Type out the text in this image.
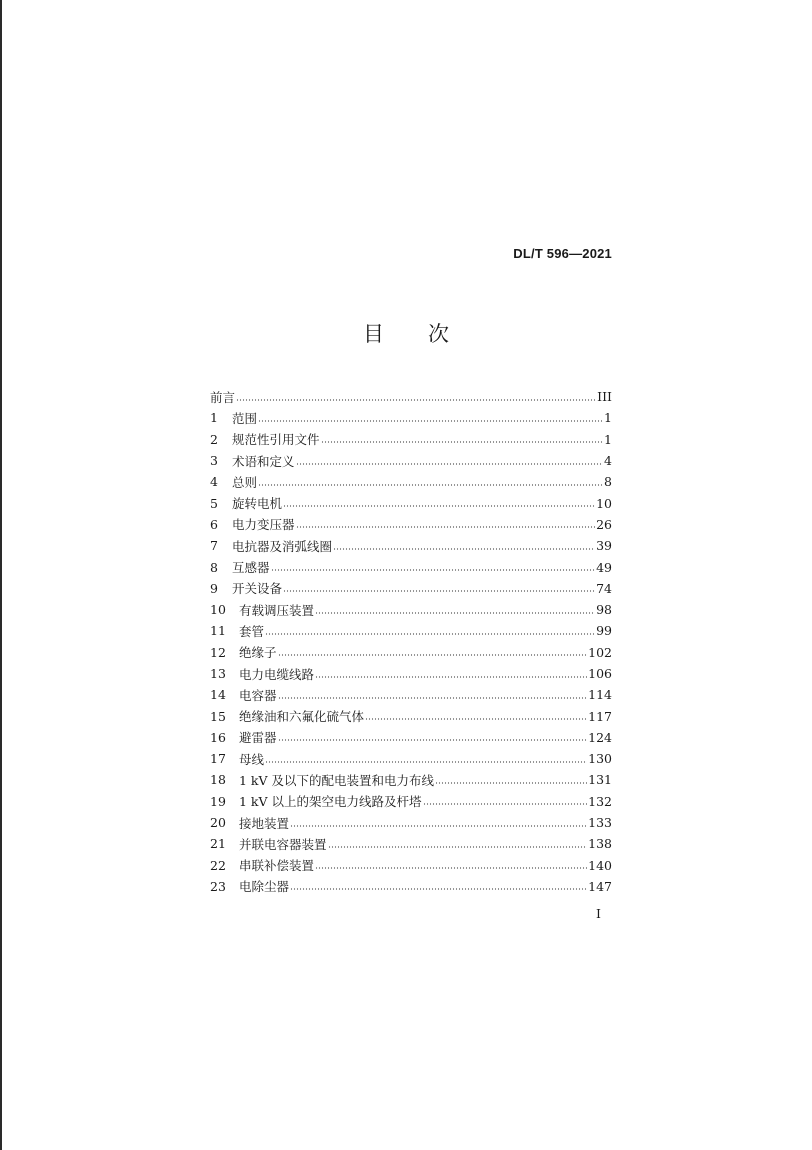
DL/T 596—2021
目 次
前言	III
1	范围	1
2	规范性引用文件	1
3	术语和定义	4
4	总则	8
5	旋转电机	10
6	电力变压器	26
7	电抗器及消弧线圈	39
8	互感器	49
9	开关设备	74
10	有载调压装置	98
11	套管	99
12	绝缘子	102
13	电力电缆线路	106
14	电容器	114
15	绝缘油和六氟化硫气体	117
16	避雷器	124
17	母线	130
18	1 kV 及以下的配电装置和电力布线	131
19	1 kV 以上的架空电力线路及杆塔	132
20	接地装置	133
21	并联电容器装置	138
22	串联补偿装置	140
23	电除尘器	147
I
